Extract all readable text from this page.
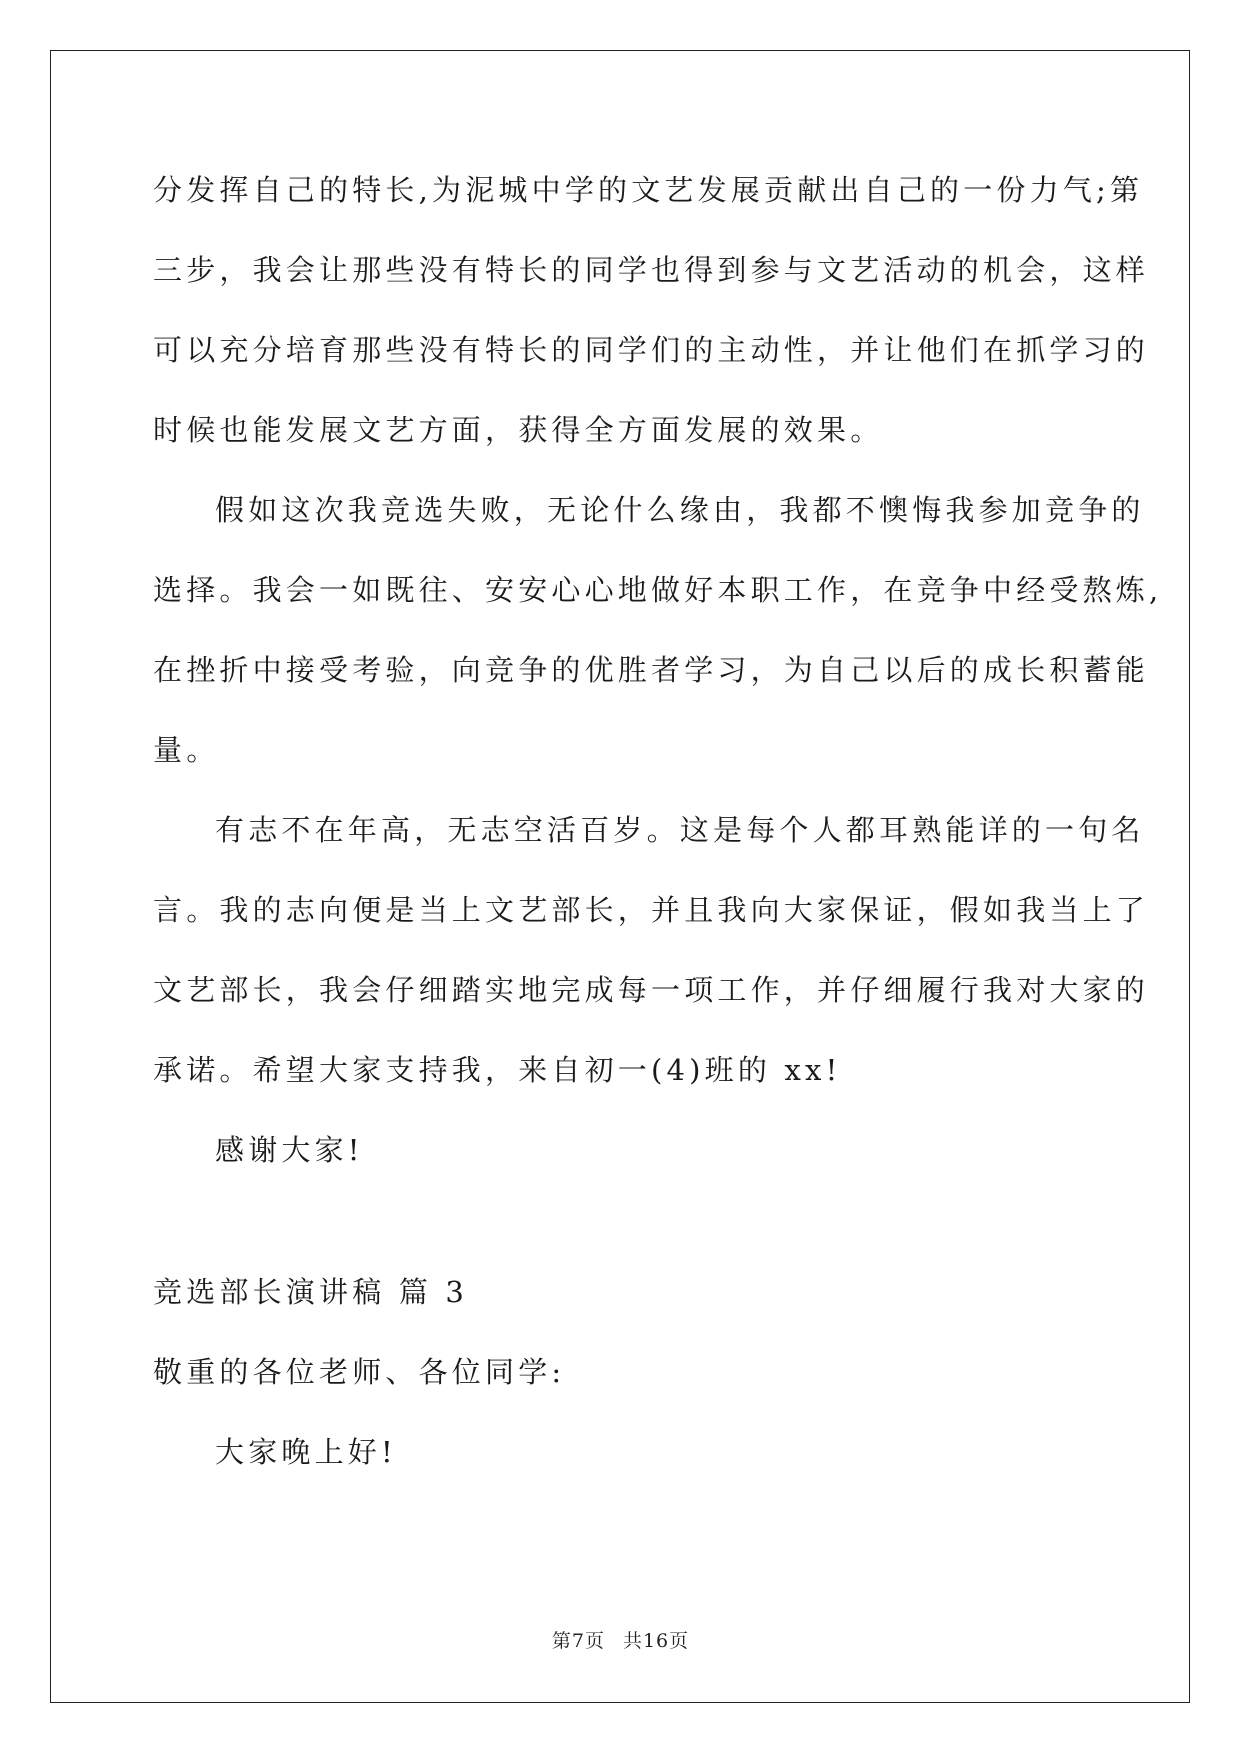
分发挥自己的特长,为泥城中学的文艺发展贡献出自己的一份力气;第
三步，我会让那些没有特长的同学也得到参与文艺活动的机会，这样
可以充分培育那些没有特长的同学们的主动性，并让他们在抓学习的
时候也能发展文艺方面，获得全方面发展的效果。
假如这次我竞选失败，无论什么缘由，我都不懊悔我参加竞争的
选择。我会一如既往、安安心心地做好本职工作，在竞争中经受熬炼,
在挫折中接受考验，向竞争的优胜者学习，为自己以后的成长积蓄能
量。
有志不在年高，无志空活百岁。这是每个人都耳熟能详的一句名
言。我的志向便是当上文艺部长，并且我向大家保证，假如我当上了
文艺部长，我会仔细踏实地完成每一项工作，并仔细履行我对大家的
承诺。希望大家支持我，来自初一(4)班的 xx!
感谢大家!
竞选部长演讲稿 篇 3
敬重的各位老师、各位同学:
大家晚上好!
第7页 共16页
